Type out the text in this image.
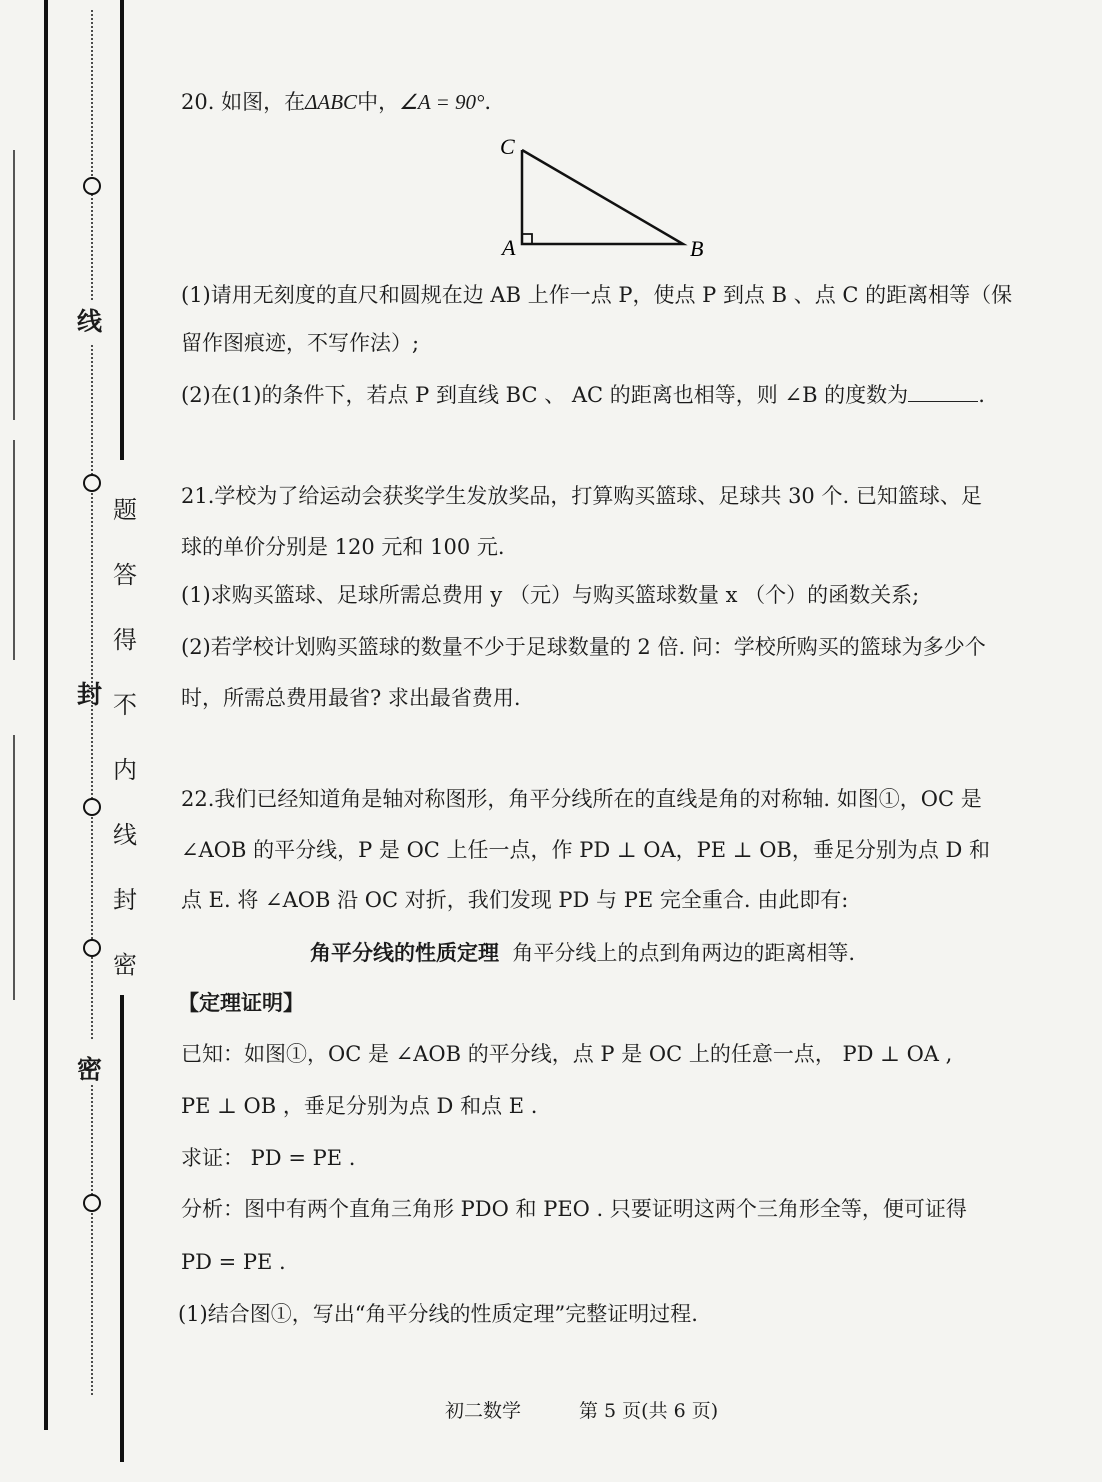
线
封
密
题
答
得
不
内
线
封
密
20. 如图，在ΔABC中，∠A = 90°.
C
A	B
(1)请用无刻度的直尺和圆规在边 AB 上作一点 P，使点 P 到点 B 、点 C 的距离相等（保
留作图痕迹，不写作法）;
(2)在(1)的条件下，若点 P 到直线 BC 、 AC 的距离也相等，则 ∠B 的度数为	.
21.学校为了给运动会获奖学生发放奖品，打算购买篮球、足球共 30 个. 已知篮球、足
球的单价分别是 120 元和 100 元.
(1)求购买篮球、足球所需总费用 y （元）与购买篮球数量 x （个）的函数关系;
(2)若学校计划购买篮球的数量不少于足球数量的 2 倍. 问：学校所购买的篮球为多少个
时，所需总费用最省? 求出最省费用.
22.我们已经知道角是轴对称图形，角平分线所在的直线是角的对称轴. 如图①，OC 是
∠AOB 的平分线，P 是 OC 上任一点，作 PD ⊥ OA，PE ⊥ OB，垂足分别为点 D 和
点 E. 将 ∠AOB 沿 OC 对折，我们发现 PD 与 PE 完全重合. 由此即有:
角平分线的性质定理 角平分线上的点到角两边的距离相等.
【定理证明】
已知：如图①，OC 是 ∠AOB 的平分线，点 P 是 OC 上的任意一点， PD ⊥ OA ,
PE ⊥ OB ，垂足分别为点 D 和点 E .
求证： PD = PE .
分析：图中有两个直角三角形 PDO 和 PEO . 只要证明这两个三角形全等，便可证得
PD = PE .
(1)结合图①，写出“角平分线的性质定理”完整证明过程.
初二数学	第 5 页(共 6 页)
